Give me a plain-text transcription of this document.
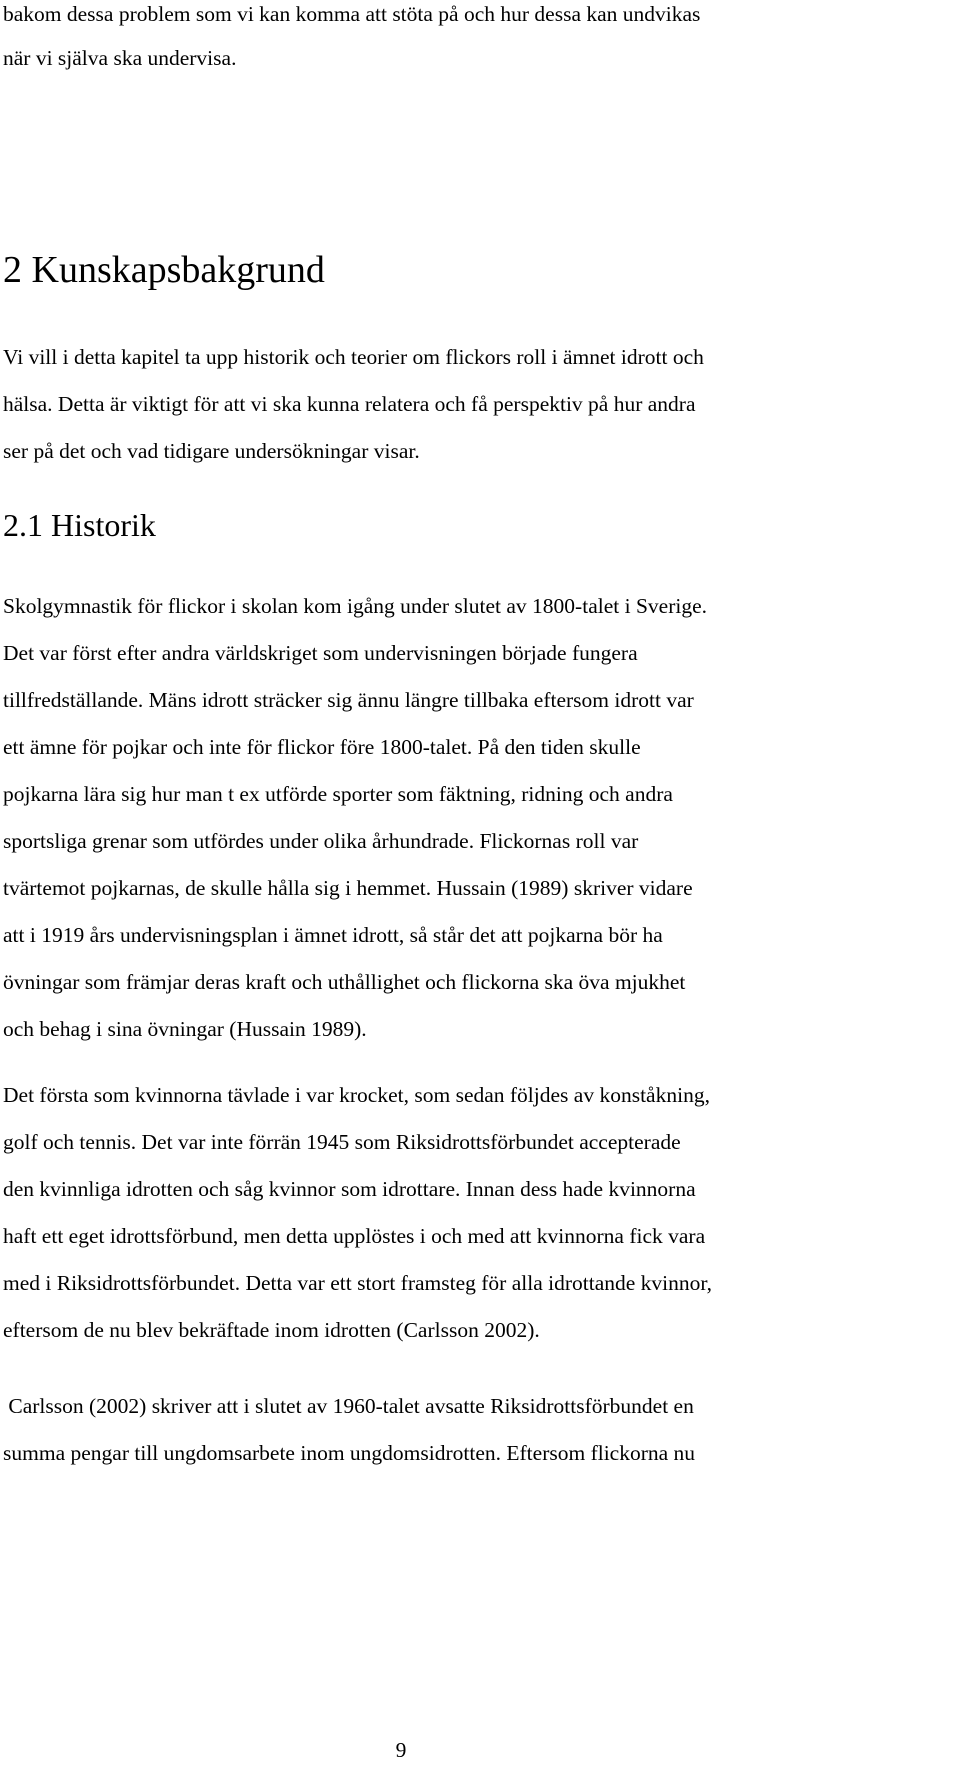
bakom dessa problem som vi kan komma att stöta på och hur dessa kan undvikas
när vi själva ska undervisa.
2 Kunskapsbakgrund
Vi vill i detta kapitel ta upp historik och teorier om flickors roll i ämnet idrott och
hälsa. Detta är viktigt för att vi ska kunna relatera och få perspektiv på hur andra
ser på det och vad tidigare undersökningar visar.
2.1 Historik
Skolgymnastik för flickor i skolan kom igång under slutet av 1800-talet i Sverige.
Det var först efter andra världskriget som undervisningen började fungera
tillfredställande. Mäns idrott sträcker sig ännu längre tillbaka eftersom idrott var
ett ämne för pojkar och inte för flickor före 1800-talet. På den tiden skulle
pojkarna lära sig hur man t ex utförde sporter som fäktning, ridning och andra
sportsliga grenar som utfördes under olika århundrade. Flickornas roll var
tvärtemot pojkarnas, de skulle hålla sig i hemmet. Hussain (1989) skriver vidare
att i 1919 års undervisningsplan i ämnet idrott, så står det att pojkarna bör ha
övningar som främjar deras kraft och uthållighet och flickorna ska öva mjukhet
och behag i sina övningar (Hussain 1989).
Det första som kvinnorna tävlade i var krocket, som sedan följdes av konståkning,
golf och tennis. Det var inte förrän 1945 som Riksidrottsförbundet accepterade
den kvinnliga idrotten och såg kvinnor som idrottare. Innan dess hade kvinnorna
haft ett eget idrottsförbund, men detta upplöstes i och med att kvinnorna fick vara
med i Riksidrottsförbundet. Detta var ett stort framsteg för alla idrottande kvinnor,
eftersom de nu blev bekräftade inom idrotten (Carlsson 2002).
Carlsson (2002) skriver att i slutet av 1960-talet avsatte Riksidrottsförbundet en
summa pengar till ungdomsarbete inom ungdomsidrotten. Eftersom flickorna nu
9
